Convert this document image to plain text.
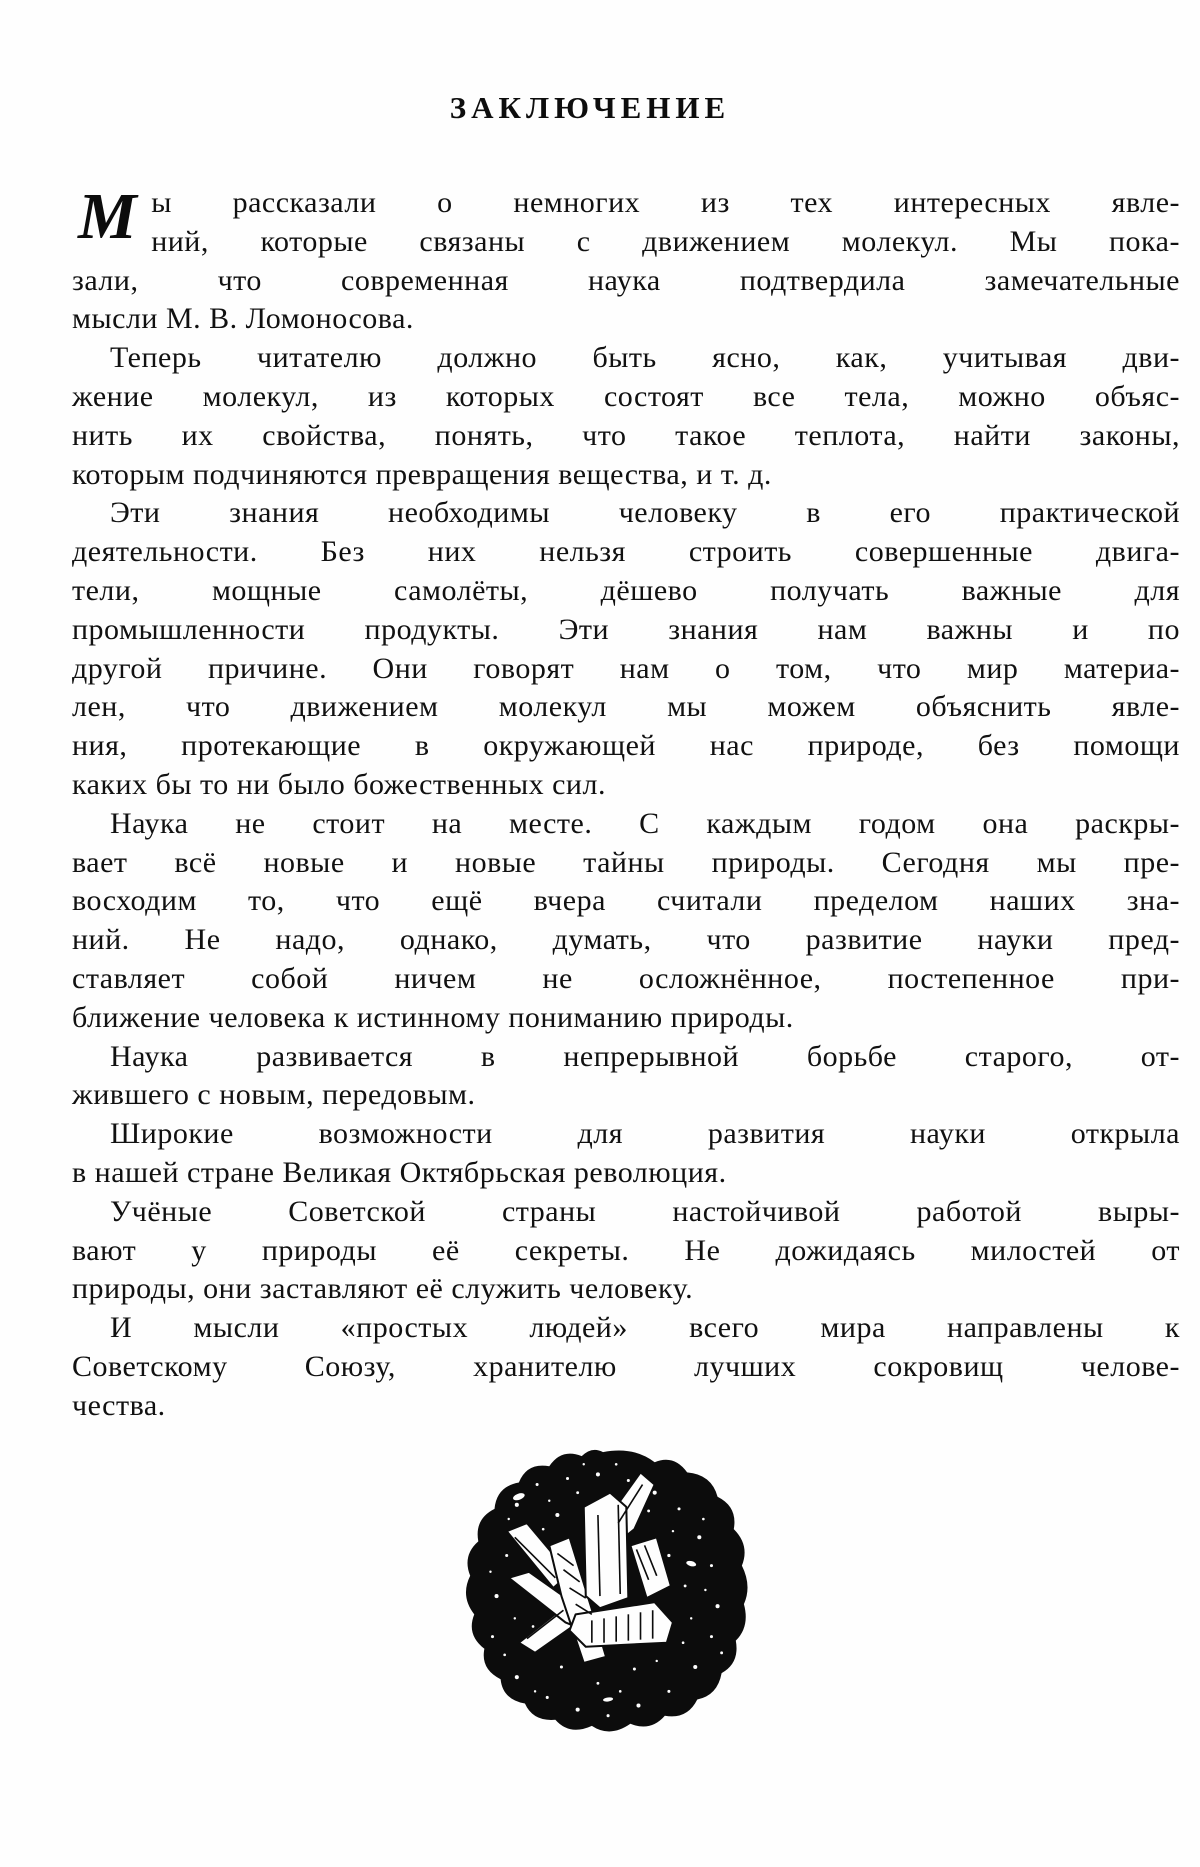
ЗАКЛЮЧЕНИЕ
М ы рассказали о немногих из тех интересных явле-
ний, которые связаны с движением молекул. Мы пока-
зали, что современная наука подтвердила замечательные
мысли М. В. Ломоносова.
Теперь читателю должно быть ясно, как, учитывая дви-
жение молекул, из которых состоят все тела, можно объяс-
нить их свойства, понять, что такое теплота, найти законы,
которым подчиняются превращения вещества, и т. д.
Эти знания необходимы человеку в его практической
деятельности. Без них нельзя строить совершенные двига-
тели, мощные самолёты, дёшево получать важные для
промышленности продукты. Эти знания нам важны и по
другой причине. Они говорят нам о том, что мир материа-
лен, что движением молекул мы можем объяснить явле-
ния, протекающие в окружающей нас природе, без помощи
каких бы то ни было божественных сил.
Наука не стоит на месте. С каждым годом она раскры-
вает всё новые и новые тайны природы. Сегодня мы пре-
восходим то, что ещё вчера считали пределом наших зна-
ний. Не надо, однако, думать, что развитие науки пред-
ставляет собой ничем не осложнённое, постепенное при-
ближение человека к истинному пониманию природы.
Наука развивается в непрерывной борьбе старого, от-
жившего с новым, передовым.
Широкие возможности для развития науки открыла
в нашей стране Великая Октябрьская революция.
Учёные Советской страны настойчивой работой выры-
вают у природы её секреты. Не дожидаясь милостей от
природы, они заставляют её служить человеку.
И мысли «простых людей» всего мира направлены к
Советскому Союзу, хранителю лучших сокровищ челове-
чества.
